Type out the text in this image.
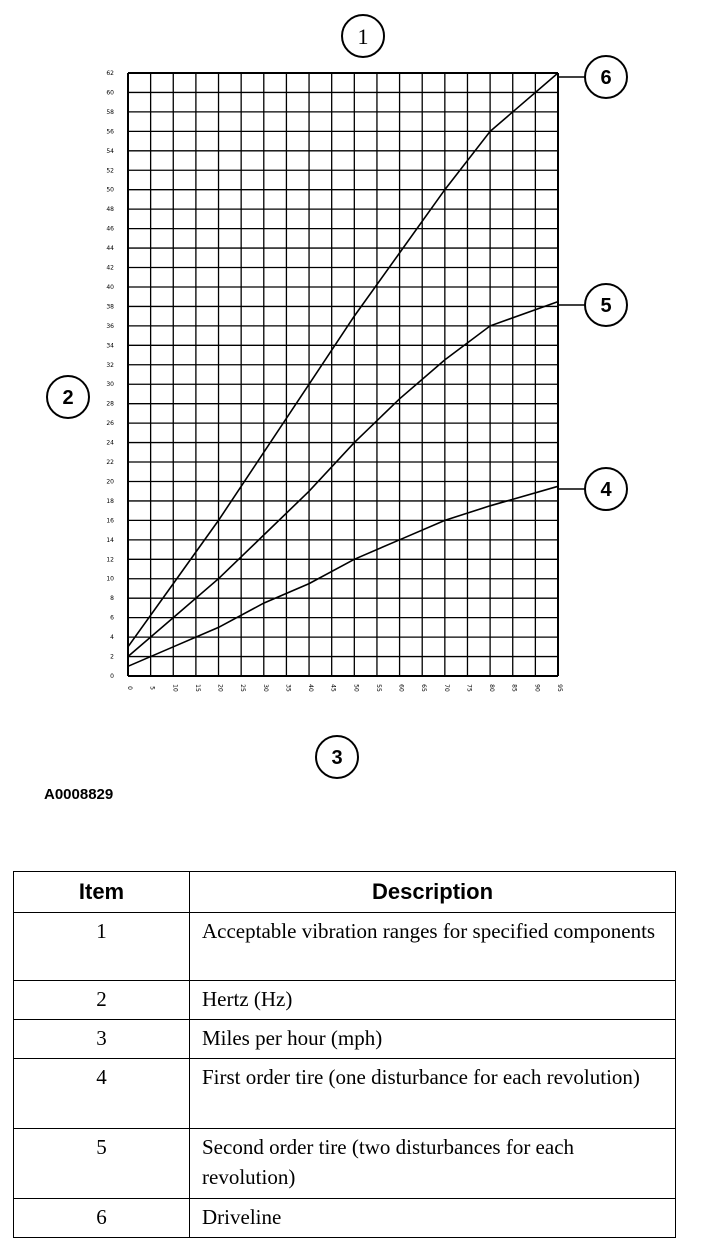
0
2
4
6
8
10
12
14
16
18
20
22
24
26
28
30
32
34
36
38
40
42
44
46
48
50
52
54
56
58
60
62
0	5	10	15	20	25	30	35	40	45	50	55	60	65	70	75	80	85	90	95
1
2
3
6
5
4
A0008829
Item	Description
1	Acceptable vibration ranges for specified components
2	Hertz (Hz)
3	Miles per hour (mph)
4	First order tire (one disturbance for each revolution)
5	Second order tire (two disturbances for each revolution)
6	Driveline
